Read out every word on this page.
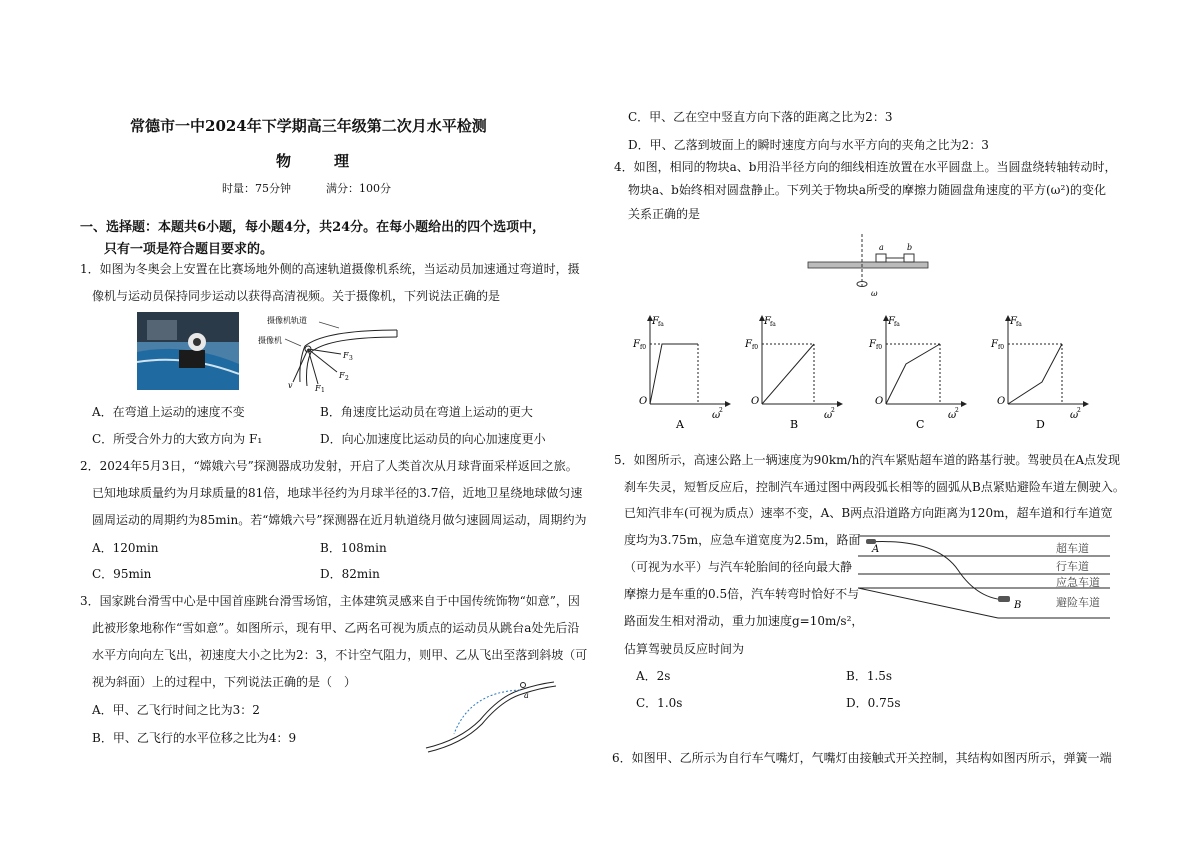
常德市一中2024年下学期高三年级第二次月水平检测
物	理
时量：75分钟	满分：100分
一、选择题：本题共6小题，每小题4分，共24分。在每小题给出的四个选项中，
只有一项是符合题目要求的。
1．如图为冬奥会上安置在比赛场地外侧的高速轨道摄像机系统，当运动员加速通过弯道时，摄
像机与运动员保持同步运动以获得高清视频。关于摄像机，下列说法正确的是
摄像机轨道
摄像机
v	F 1
F 2
F 3
A．在弯道上运动的速度不变	B．角速度比运动员在弯道上运动的更大
C．所受合外力的大致方向为 F₁	D．向心加速度比运动员的向心加速度更小
2．2024年5月3日，“嫦娥六号”探测器成功发射，开启了人类首次从月球背面采样返回之旅。
已知地球质量约为月球质量的81倍，地球半径约为月球半径的3.7倍，近地卫星绕地球做匀速
圆周运动的周期约为85min。若“嫦娥六号”探测器在近月轨道绕月做匀速圆周运动，周期约为
A．120min	B．108min
C．95min	D．82min
3．国家跳台滑雪中心是中国首座跳台滑雪场馆，主体建筑灵感来自于中国传统饰物“如意”，因
此被形象地称作“雪如意”。如图所示，现有甲、乙两名可视为质点的运动员从跳台a处先后沿
水平方向向左飞出，初速度大小之比为2：3，不计空气阻力，则甲、乙从飞出至落到斜坡（可
视为斜面）上的过程中，下列说法正确的是（　）
A．甲、乙飞行时间之比为3：2
B．甲、乙飞行的水平位移之比为4：9
a
C．甲、乙在空中竖直方向下落的距离之比为2：3
D．甲、乙落到坡面上的瞬时速度方向与水平方向的夹角之比为2：3
4．如图，相同的物块a、b用沿半径方向的细线相连放置在水平圆盘上。当圆盘绕转轴转动时，
物块a、b始终相对圆盘静止。下列关于物块a所受的摩擦力随圆盘角速度的平方(ω²)的变化
关系正确的是
a	b
ω
F fa
F f0
O
ω
2
A
F fa
F f0
O
ω
2
B
F fa
F f0
O
ω
2
C
F fa
F f0
O
ω
2
D
5．如图所示，高速公路上一辆速度为90km/h的汽车紧贴超车道的路基行驶。驾驶员在A点发现
刹车失灵，短暂反应后，控制汽车通过图中两段弧长相等的圆弧从B点紧贴避险车道左侧驶入。
已知汽非车(可视为质点）速率不变，A、B两点沿道路方向距离为120m，超车道和行车道宽
度均为3.75m，应急车道宽度为2.5m，路面
（可视为水平）与汽车轮胎间的径向最大静
摩擦力是车重的0.5倍，汽车转弯时恰好不与
路面发生相对滑动，重力加速度g=10m/s²，
估算驾驶员反应时间为
A
B
超车道
行车道
应急车道
避险车道
A．2s	B．1.5s
C．1.0s	D．0.75s
6．如图甲、乙所示为自行车气嘴灯，气嘴灯由接触式开关控制，其结构如图丙所示，弹簧一端
